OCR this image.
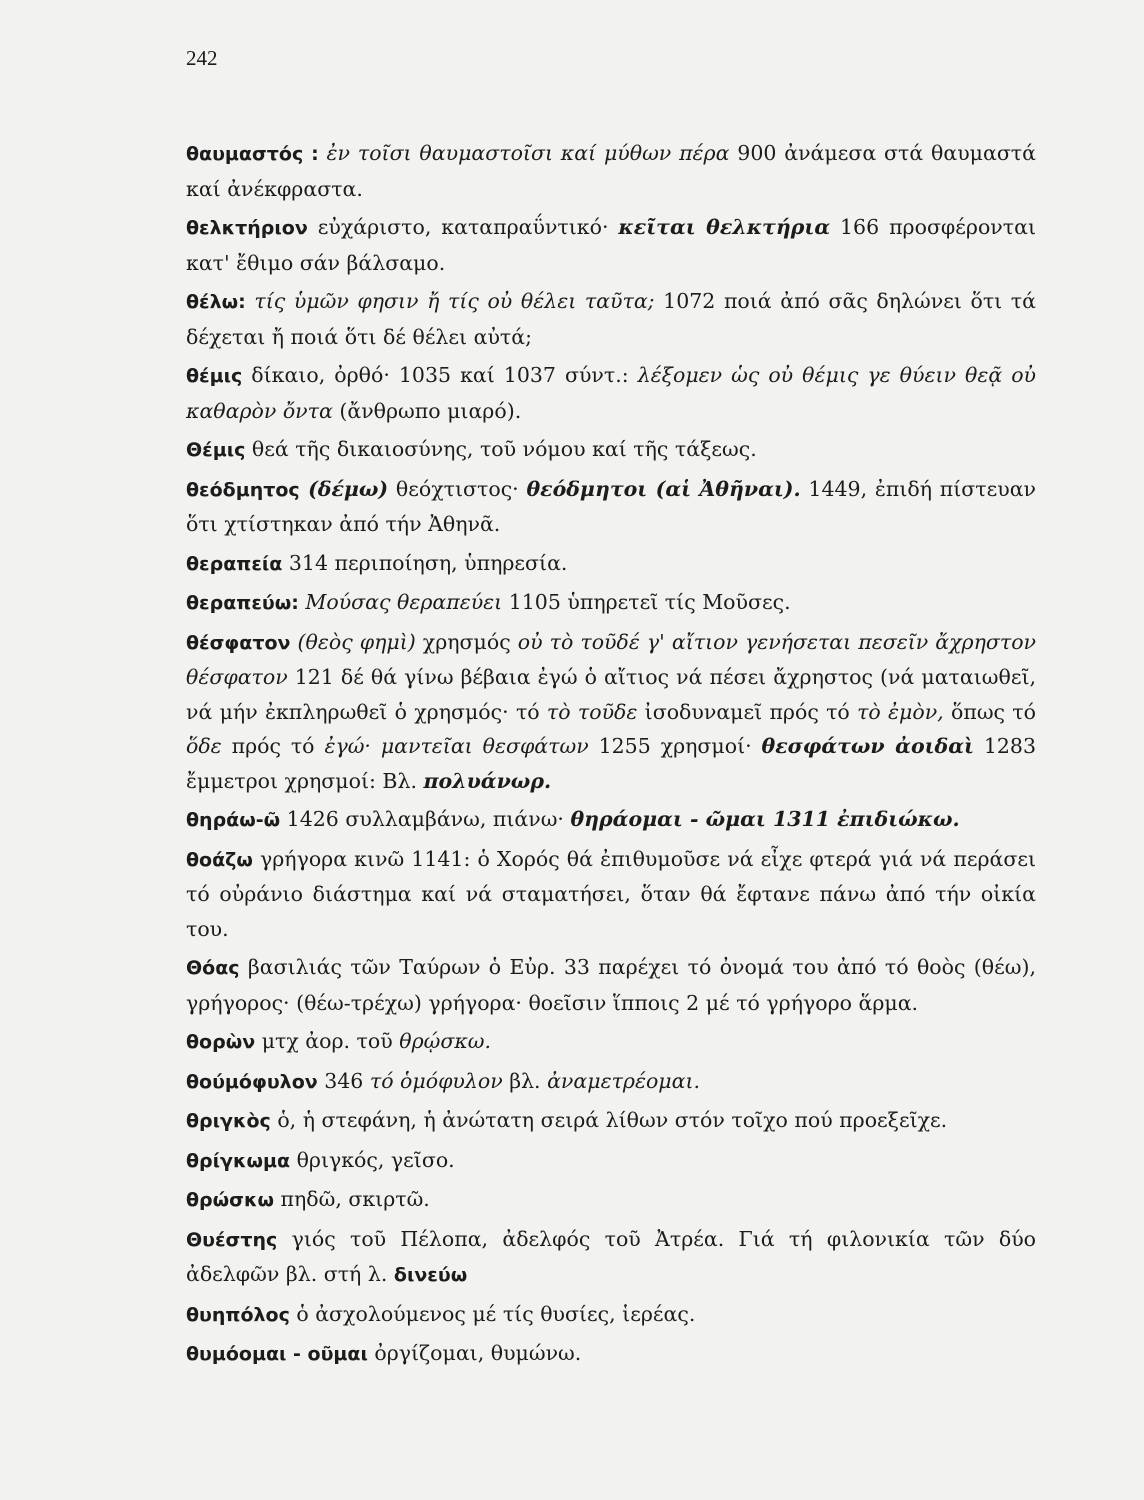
242

θαυμαστός : ἐν τοῖσι θαυμαστοῖσι καί μύθων πέρα 900 ἀνάμεσα στά θαυμαστά καί ἀνέκφραστα.

θελκτήριον εὐχάριστο, καταπραΰντικό· κεῖται θελκτήρια 166 προσφέρονται κατ' ἔθιμο σάν βάλσαμο.

θέλω: τίς ὑμῶν φησιν ἤ τίς οὐ θέλει ταῦτα; 1072 ποιά ἀπό σᾶς δηλώνει ὅτι τά δέχεται ἤ ποιά ὅτι δέ θέλει αὐτά;

θέμις δίκαιο, ὀρθό· 1035 καί 1037 σύντ.: λέξομεν ὡς οὐ θέμις γε θύειν θεᾷ οὐ καθαρὸν ὄντα (ἄνθρωπο μιαρό).

Θέμις θεά τῆς δικαιοσύνης, τοῦ νόμου καί τῆς τάξεως.

θεόδμητος (δέμω) θεόχτιστος· θεόδμητοι (αἱ Ἀθῆναι). 1449, ἐπιδή πίστευαν ὅτι χτίστηκαν ἀπό τήν Ἀθηνᾶ.

θεραπεία 314 περιποίηση, ὑπηρεσία.

θεραπεύω: Μούσας θεραπεύει 1105 ὑπηρετεῖ τίς Μοῦσες.

θέσφατον (θεὸς φημὶ) χρησμός οὐ τὸ τοῦδέ γ' αἴτιον γενήσεται πεσεῖν ἄχρηστον θέσφατον 121 δέ θά γίνω βέβαια ἐγώ ὁ αἴτιος νά πέσει ἄχρηστος (νά ματαιωθεῖ, νά μήν ἐκπληρωθεῖ ὁ χρησμός· τό τὸ τοῦδε ἰσοδυναμεῖ πρός τό τὸ ἐμὸν, ὅπως τό ὅδε πρός τό ἐγώ· μαντεῖαι θεσφάτων 1255 χρησμοί· θεσφάτων ἀοιδαὶ 1283 ἔμμετροι χρησμοί: Βλ. πολυάνωρ.

θηράω-ῶ 1426 συλλαμβάνω, πιάνω· θηράομαι - ῶμαι 1311 ἐπιδιώκω.

θοάζω γρήγορα κινῶ 1141: ὁ Χορός θά ἐπιθυμοῦσε νά εἶχε φτερά γιά νά περάσει τό οὐράνιο διάστημα καί νά σταματήσει, ὅταν θά ἔφτανε πάνω ἀπό τήν οἰκία του.

Θόας βασιλιάς τῶν Ταύρων ὁ Εὐρ. 33 παρέχει τό ὀνομά του ἀπό τό θοὸς (θέω), γρήγορος· (θέω-τρέχω) γρήγορα· θοεῖσιν ἵπποις 2 μέ τό γρήγορο ἅρμα.

θορὼν μτχ ἀορ. τοῦ θρῴσκω.

θούμόφυλον 346 τό ὁμόφυλον βλ. ἀναμετρέομαι.

θριγκὸς ὁ, ἡ στεφάνη, ἡ ἀνώτατη σειρά λίθων στόν τοῖχο πού προεξεῖχε.

θρίγκωμα θριγκός, γεῖσο.

θρώσκω πηδῶ, σκιρτῶ.

Θυέστης γιός τοῦ Πέλοπα, ἀδελφός τοῦ Ἀτρέα. Γιά τή φιλονικία τῶν δύο ἀδελφῶν βλ. στή λ. δινεύω

θυηπόλος ὁ ἀσχολούμενος μέ τίς θυσίες, ἱερέας.

θυμόομαι - οῦμαι ὀργίζομαι, θυμώνω.
